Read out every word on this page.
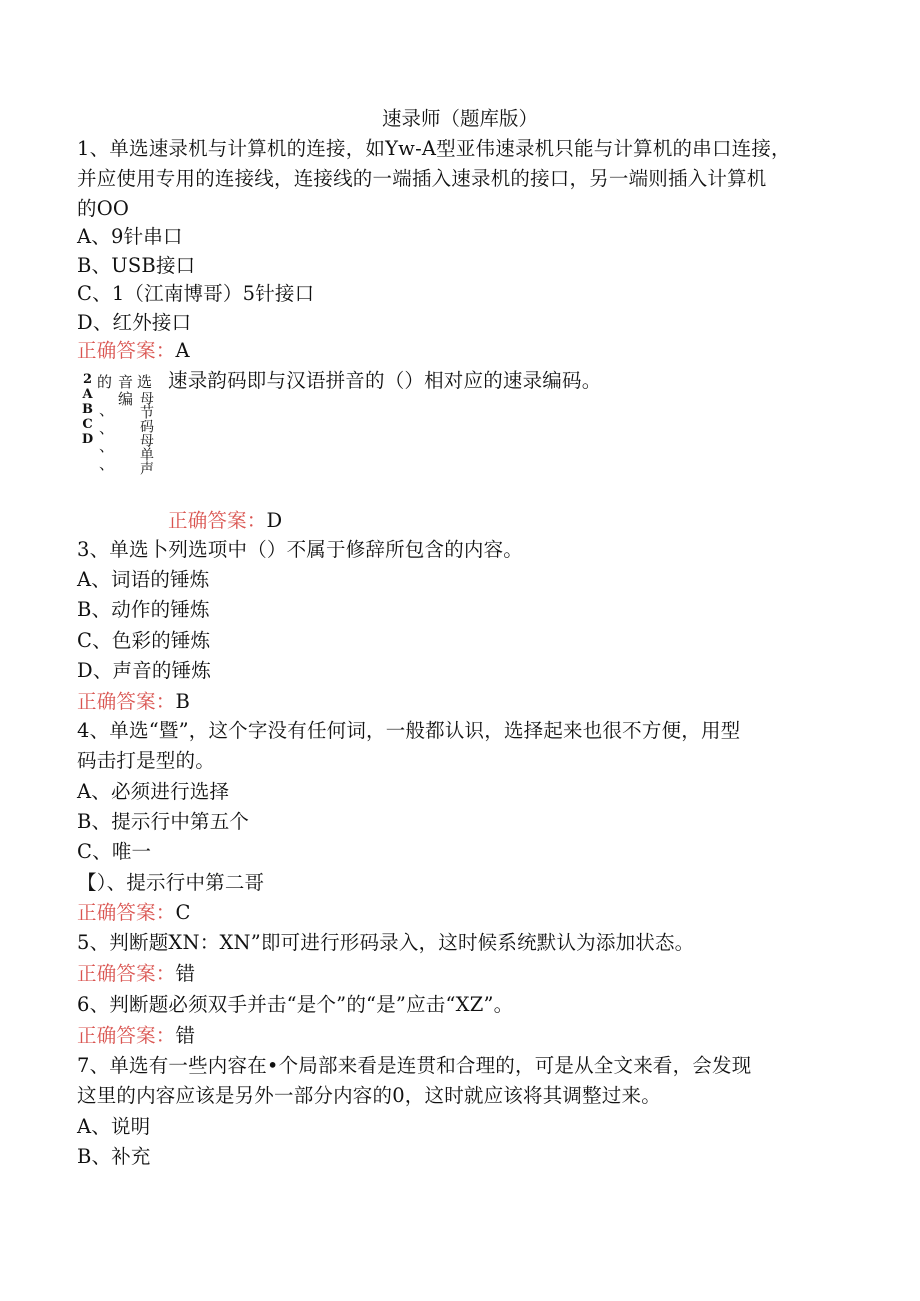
速录师（题库版）
1、单选速录机与计算机的连接，如Yw-A型亚伟速录机只能与计算机的串口连接，
并应使用专用的连接线，连接线的一端插入速录机的接口，另一端则插入计算机
的OO
A、9针串口
B、USB接口
C、1（江南博哥）5针接口
D、红外接口
正确答案：A
2ABCD 的 音
编
选
母节码母单声
、
、
、
、
速录韵码即与汉语拼音的（）相对应的速录编码。
正确答案：D
3、单选卜列选项中（）不属于修辞所包含的内容。
A、词语的锤炼
B、动作的锤炼
C、色彩的锤炼
D、声音的锤炼
正确答案：B
4、单选“暨”，这个字没有任何词，一般都认识，选择起来也很不方便，用型
码击打是型的。
A、必须进行选择
B、提示行中第五个
C、唯一
【）、提示行中第二哥
正确答案：C
5、判断题XN：XN”即可进行形码录入，这时候系统默认为添加状态。
正确答案：错
6、判断题必须双手并击“是个”的“是”应击“XZ”。
正确答案：错
7、单选有一些内容在•个局部来看是连贯和合理的，可是从全文来看，会发现
这里的内容应该是另外一部分内容的0，这时就应该将其调整过来。
A、说明
B、补充
